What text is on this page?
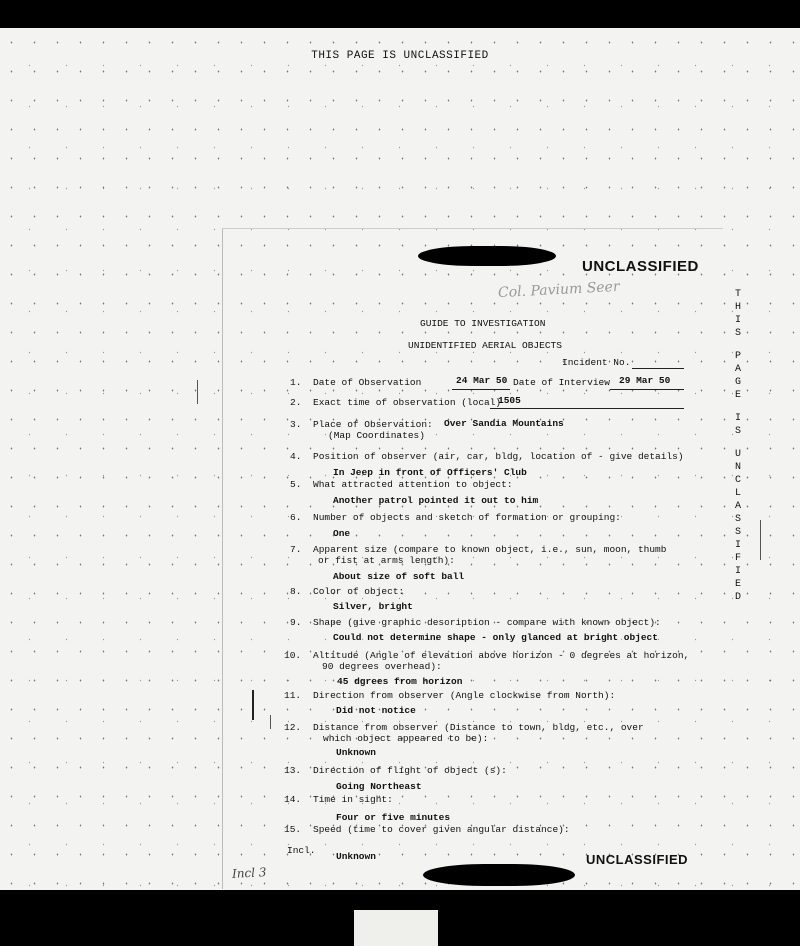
THIS PAGE IS UNCLASSIFIED
UNCLASSIFIED
UNCLASSIFIED
Col. Pavium Seer
Incl 3
T
H
I
S
P
A
G
E
I
S
U
N
C
L
A
S
S
I
F
I
E
D
GUIDE TO INVESTIGATION
UNIDENTIFIED AERIAL OBJECTS
Incident No.
1.	Date of Observation	24 Mar 50 Date of Interview 29 Mar 50
2.	Exact time of observation (local)
1505
3.	Place of Observation: Over Sandia Mountains
(Map Coordinates)
4.	Position of observer (air, car, bldg, location of - give details)
In Jeep in front of Officers' Club
5.	What attracted attention to object:
Another patrol pointed it out to him
6.	Number of objects and sketch of formation or grouping:
One
7.	Apparent size (compare to known object, i.e., sun, moon, thumb
or fist at arms length):
About size of soft ball
8.	Color of object:
Silver, bright
9.	Shape (give graphic description - compare with known object):
Could not determine shape - only glanced at bright object
10.	Altitude (Angle of elevation above horizon - 0 degrees at horizon,
90 degrees overhead):
45 dgrees from horizon
11.	Direction from observer (Angle clockwise from North):
Did not notice
12.	Distance from observer (Distance to town, bldg, etc., over
which object appeared to be):
Unknown
13.	Direction of flight of object (s):
Going Northeast
14.	Time in sight:
Four or five minutes
15.	Speed (time to cover given angular distance):
Unknown
Incl.
